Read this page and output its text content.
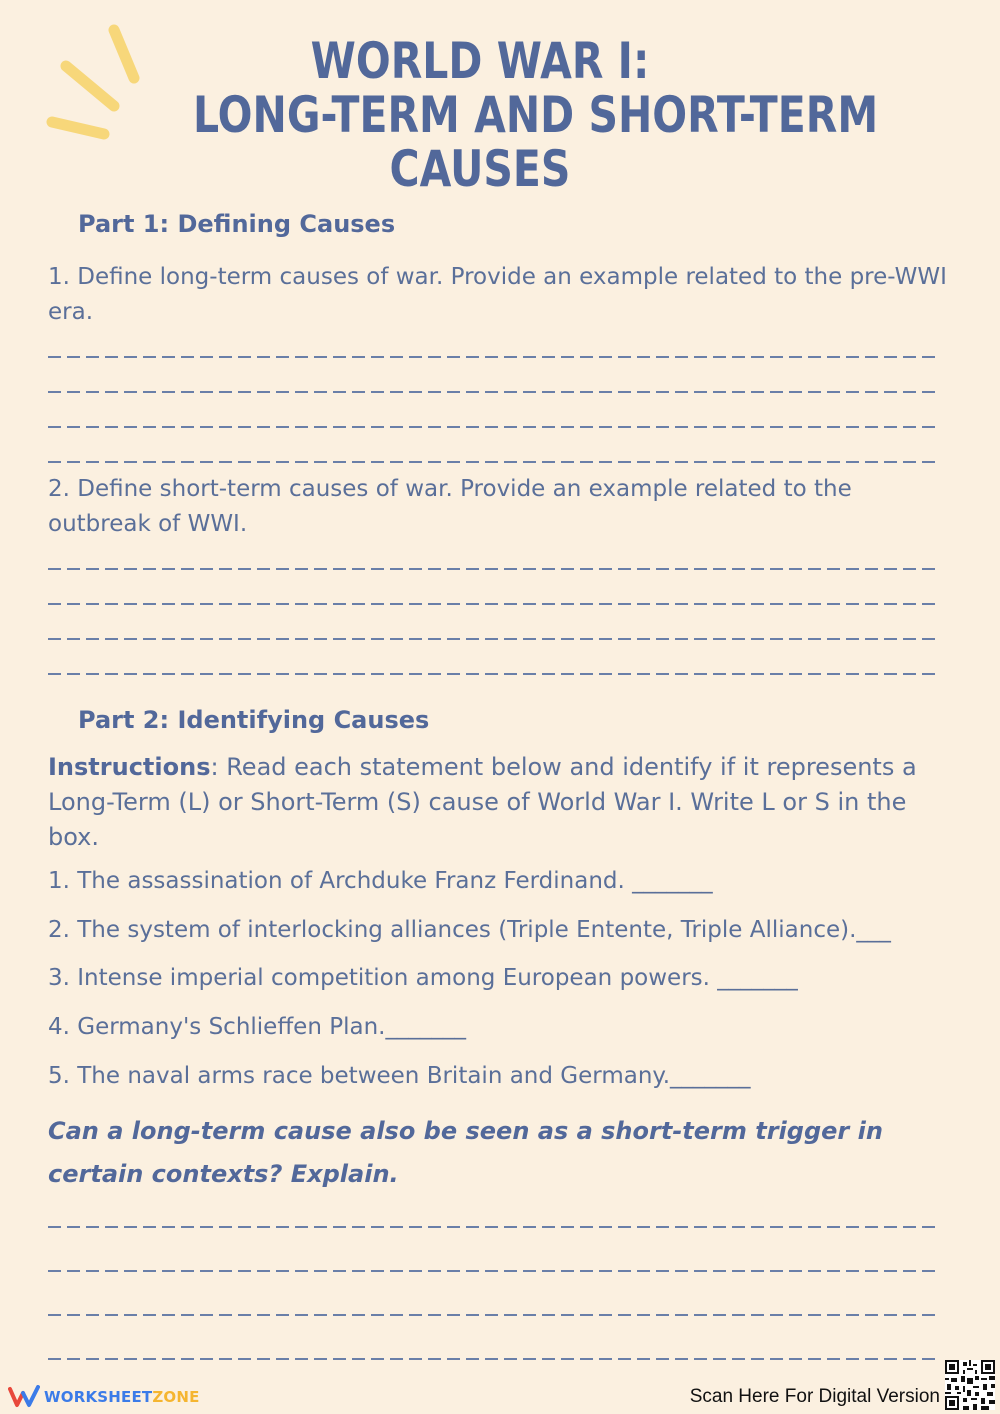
WORLD WAR I:
LONG-TERM AND SHORT-TERM
CAUSES
Part 1: Defining Causes
1. Define long-term causes of war. Provide an example related to the pre-WWI era.
2. Define short-term causes of war. Provide an example related to the outbreak of WWI.
Part 2: Identifying Causes
Instructions: Read each statement below and identify if it represents a Long-Term (L) or Short-Term (S) cause of World War I. Write L or S in the box.
1. The assassination of Archduke Franz Ferdinand. _______
2. The system of interlocking alliances (Triple Entente, Triple Alliance).___
3. Intense imperial competition among European powers. _______
4. Germany's Schlieffen Plan._______
5. The naval arms race between Britain and Germany._______
Can a long-term cause also be seen as a short-term trigger in certain contexts? Explain.
WORKSHEETZONE	Scan Here For Digital Version
